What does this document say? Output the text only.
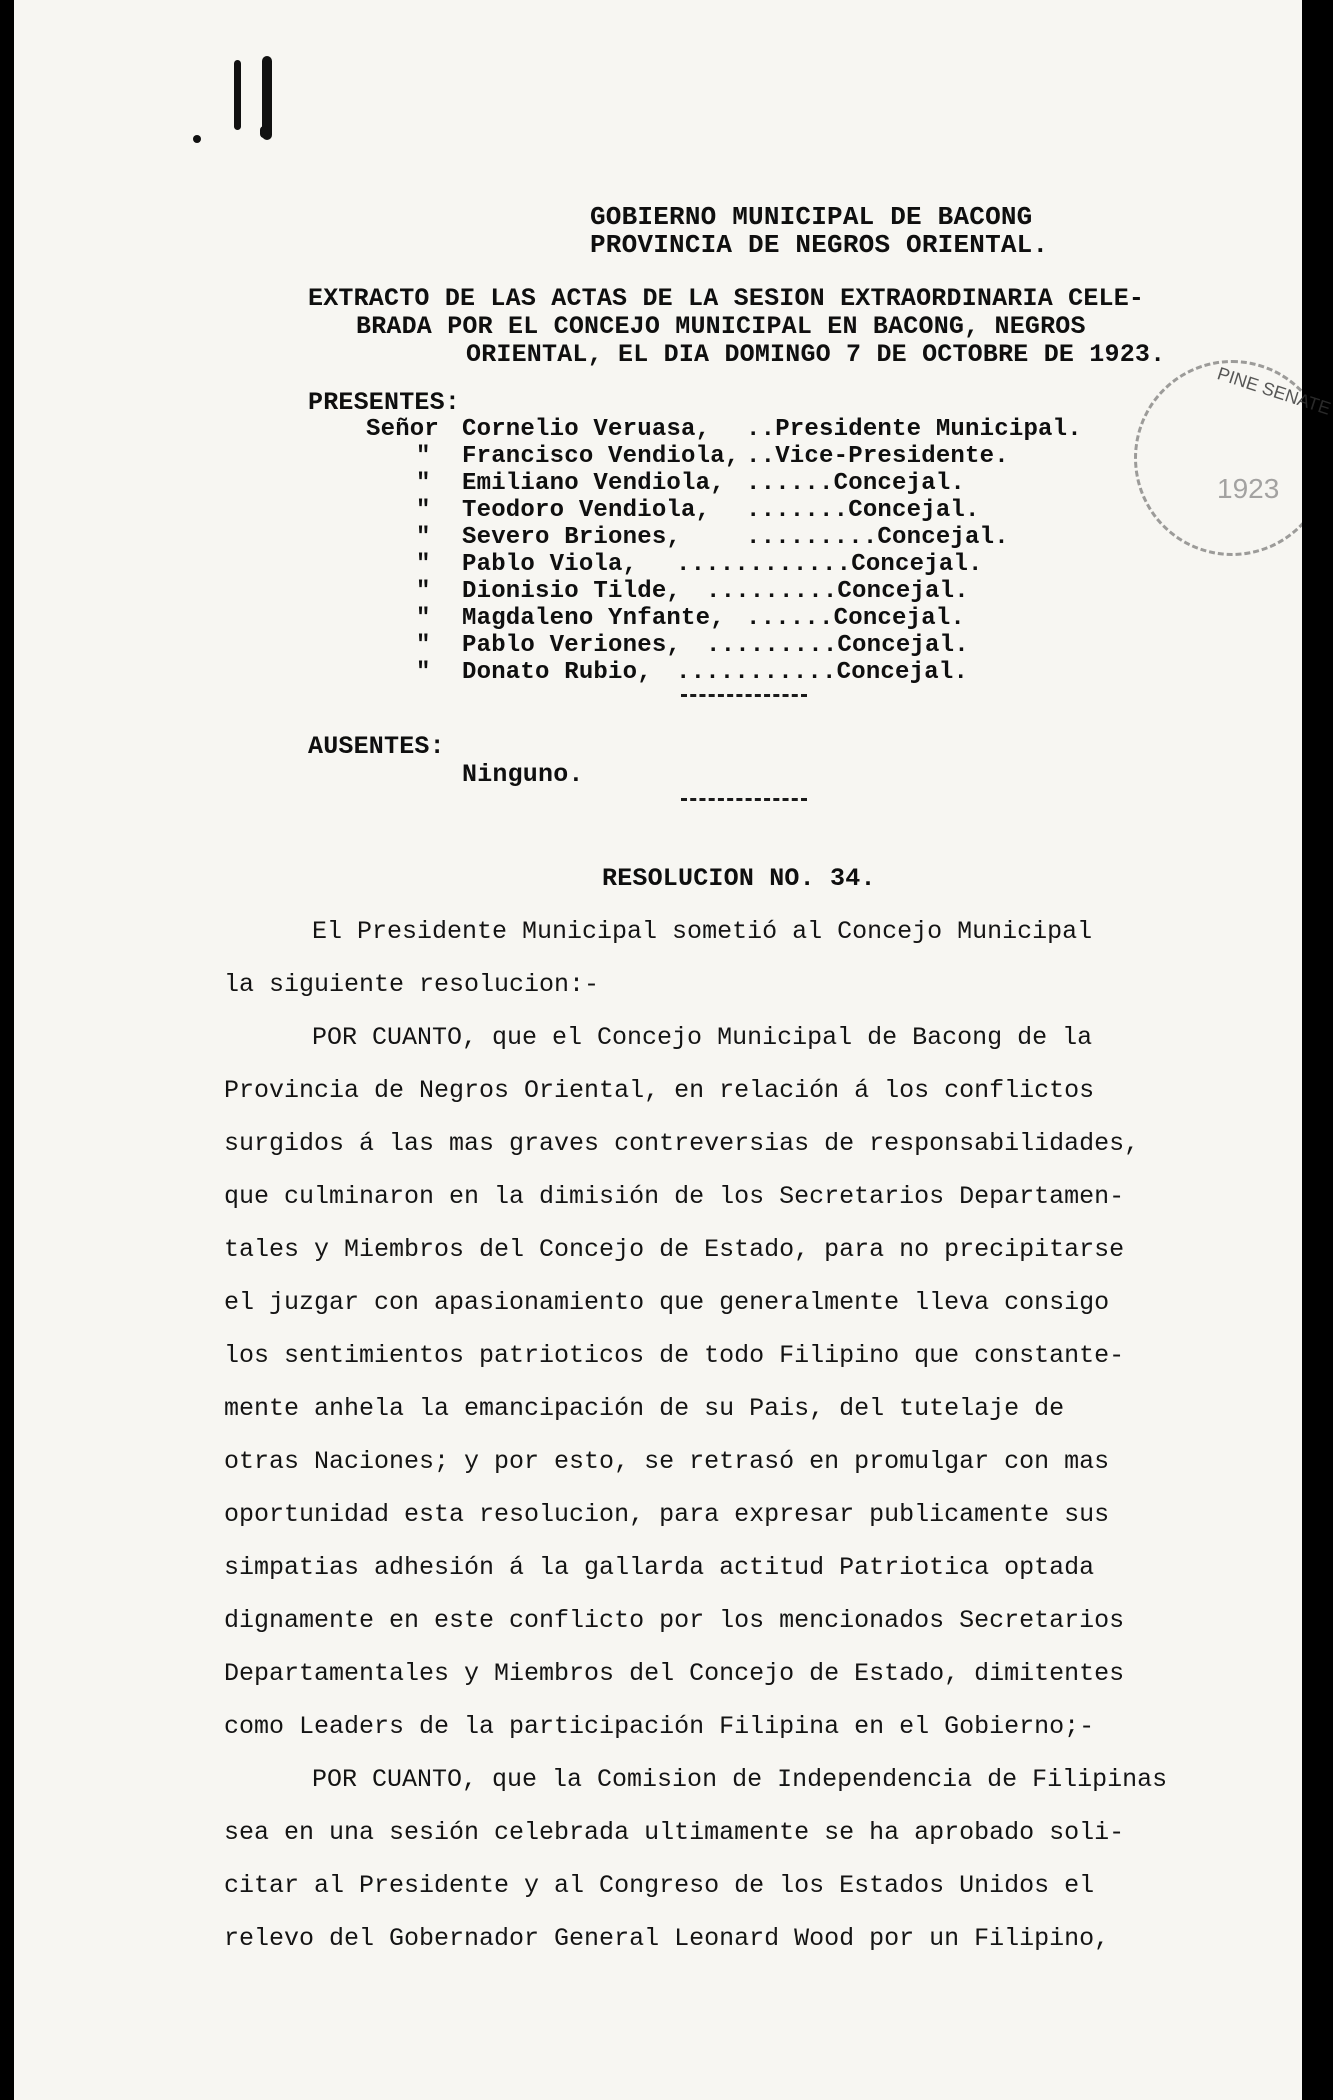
PINE SENATE
1923
GOBIERNO MUNICIPAL DE BACONG
PROVINCIA DE NEGROS ORIENTAL.
EXTRACTO DE LAS ACTAS DE LA SESION EXTRAORDINARIA CELE-
BRADA POR EL CONCEJO MUNICIPAL EN BACONG, NEGROS
ORIENTAL, EL DIA DOMINGO 7 DE OCTOBRE DE 1923.
PRESENTES:
Señor Cornelio Veruasa, ..Presidente Municipal.
" Francisco Vendiola, ..Vice-Presidente.
" Emiliano Vendiola, ......Concejal.
" Teodoro Vendiola, .......Concejal.
" Severo Briones,	.........Concejal.
" Pablo Viola, ............Concejal.
" Dionisio Tilde, .........Concejal.
" Magdaleno Ynfante, ......Concejal.
" Pablo Veriones, .........Concejal.
" Donato Rubio, ...........Concejal.
AUSENTES:
Ninguno.
RESOLUCION NO. 34.
El Presidente Municipal sometió al Concejo Municipal
la siguiente resolucion:-
POR CUANTO, que el Concejo Municipal de Bacong de la
Provincia de Negros Oriental, en relación á los conflictos
surgidos á las mas graves contreversias de responsabilidades,
que culminaron en la dimisión de los Secretarios Departamen-
tales y Miembros del Concejo de Estado, para no precipitarse
el juzgar con apasionamiento que generalmente lleva consigo
los sentimientos patrioticos de todo Filipino que constante-
mente anhela la emancipación de su Pais, del tutelaje de
otras Naciones; y por esto, se retrasó en promulgar con mas
oportunidad esta resolucion, para expresar publicamente sus
simpatias adhesión á la gallarda actitud Patriotica optada
dignamente en este conflicto por los mencionados Secretarios
Departamentales y Miembros del Concejo de Estado, dimitentes
como Leaders de la participación Filipina en el Gobierno;-
POR CUANTO, que la Comision de Independencia de Filipinas
sea en una sesión celebrada ultimamente se ha aprobado soli-
citar al Presidente y al Congreso de los Estados Unidos el
relevo del Gobernador General Leonard Wood por un Filipino,
